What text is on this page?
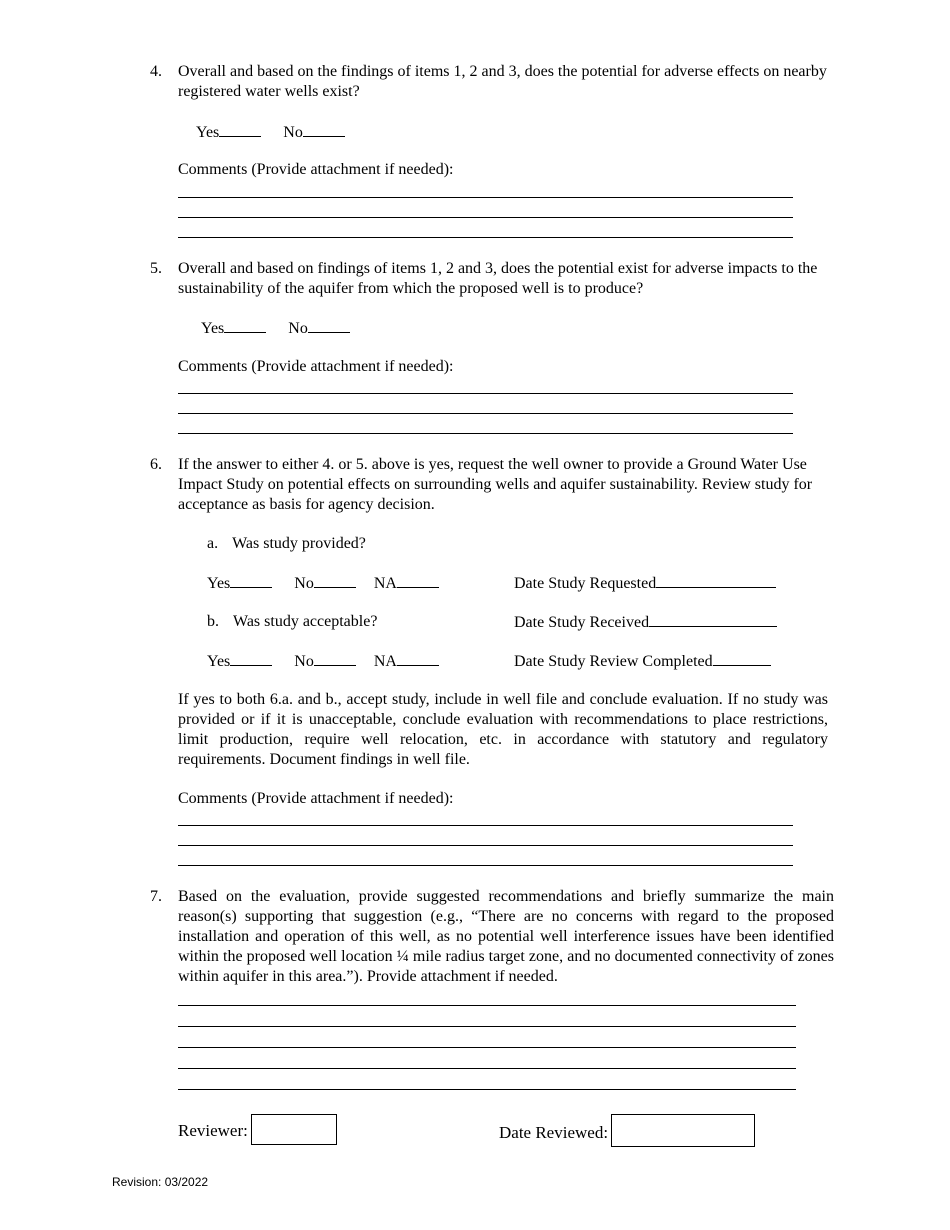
4. Overall and based on the findings of items 1, 2 and 3, does the potential for adverse effects on nearby registered water wells exist?
Yes	No
Comments (Provide attachment if needed):
5. Overall and based on findings of items 1, 2 and 3, does the potential exist for adverse impacts to the sustainability of the aquifer from which the proposed well is to produce?
Yes	No
Comments (Provide attachment if needed):
6. If the answer to either 4. or 5. above is yes, request the well owner to provide a Ground Water Use Impact Study on potential effects on surrounding wells and aquifer sustainability. Review study for acceptance as basis for agency decision.
a. Was study provided?
Yes	No	NA	Date Study Requested
b. Was study acceptable?	Date Study Received
Yes	No	NA	Date Study Review Completed
If yes to both 6.a. and b., accept study, include in well file and conclude evaluation. If no study was provided or if it is unacceptable, conclude evaluation with recommendations to place restrictions, limit production, require well relocation, etc. in accordance with statutory and regulatory requirements. Document findings in well file.
Comments (Provide attachment if needed):
7. Based on the evaluation, provide suggested recommendations and briefly summarize the main reason(s) supporting that suggestion (e.g., “There are no concerns with regard to the proposed installation and operation of this well, as no potential well interference issues have been identified within the proposed well location ¼ mile radius target zone, and no documented connectivity of zones within aquifer in this area.”). Provide attachment if needed.
Reviewer:	Date Reviewed:
Revision: 03/2022
